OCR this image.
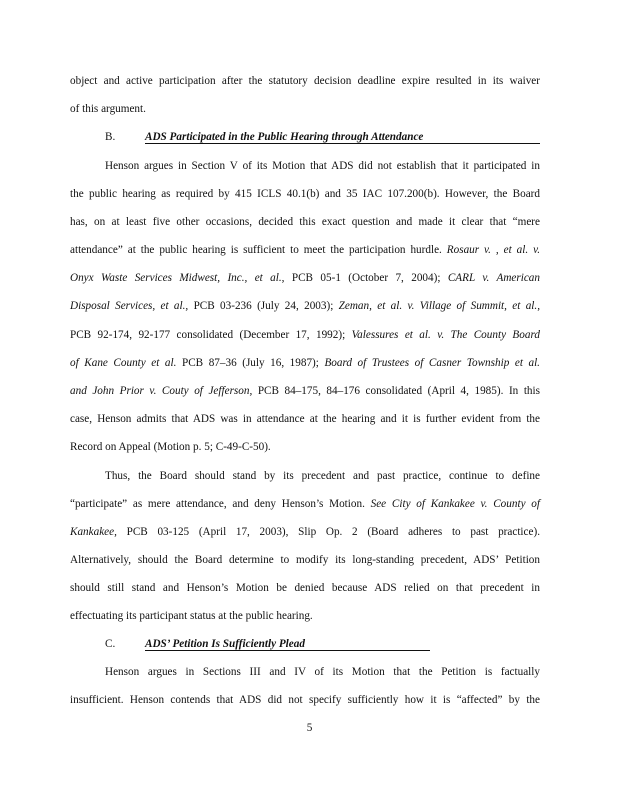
object and active participation after the statutory decision deadline expire resulted in its waiver
of this argument.
B.	ADS Participated in the Public Hearing through Attendance
Henson argues in Section V of its Motion that ADS did not establish that it participated in
the public hearing as required by 415 ICLS 40.1(b) and 35 IAC 107.200(b). However, the Board
has, on at least five other occasions, decided this exact question and made it clear that “mere
attendance” at the public hearing is sufficient to meet the participation hurdle. Rosaur v. , et al. v.
Onyx Waste Services Midwest, Inc., et al., PCB 05-1 (October 7, 2004); CARL v. American
Disposal Services, et al., PCB 03-236 (July 24, 2003); Zeman, et al. v. Village of Summit, et al.,
PCB 92-174, 92-177 consolidated (December 17, 1992); Valessures et al. v. The County Board
of Kane County et al. PCB 87–36 (July 16, 1987); Board of Trustees of Casner Township et al.
and John Prior v. Couty of Jefferson, PCB 84–175, 84–176 consolidated (April 4, 1985). In this
case, Henson admits that ADS was in attendance at the hearing and it is further evident from the
Record on Appeal (Motion p. 5; C-49-C-50).
Thus, the Board should stand by its precedent and past practice, continue to define
“participate” as mere attendance, and deny Henson’s Motion. See City of Kankakee v. County of
Kankakee, PCB 03-125 (April 17, 2003), Slip Op. 2 (Board adheres to past practice).
Alternatively, should the Board determine to modify its long-standing precedent, ADS’ Petition
should still stand and Henson’s Motion be denied because ADS relied on that precedent in
effectuating its participant status at the public hearing.
C.	ADS’ Petition Is Sufficiently Plead
Henson argues in Sections III and IV of its Motion that the Petition is factually
insufficient. Henson contends that ADS did not specify sufficiently how it is “affected” by the
5
